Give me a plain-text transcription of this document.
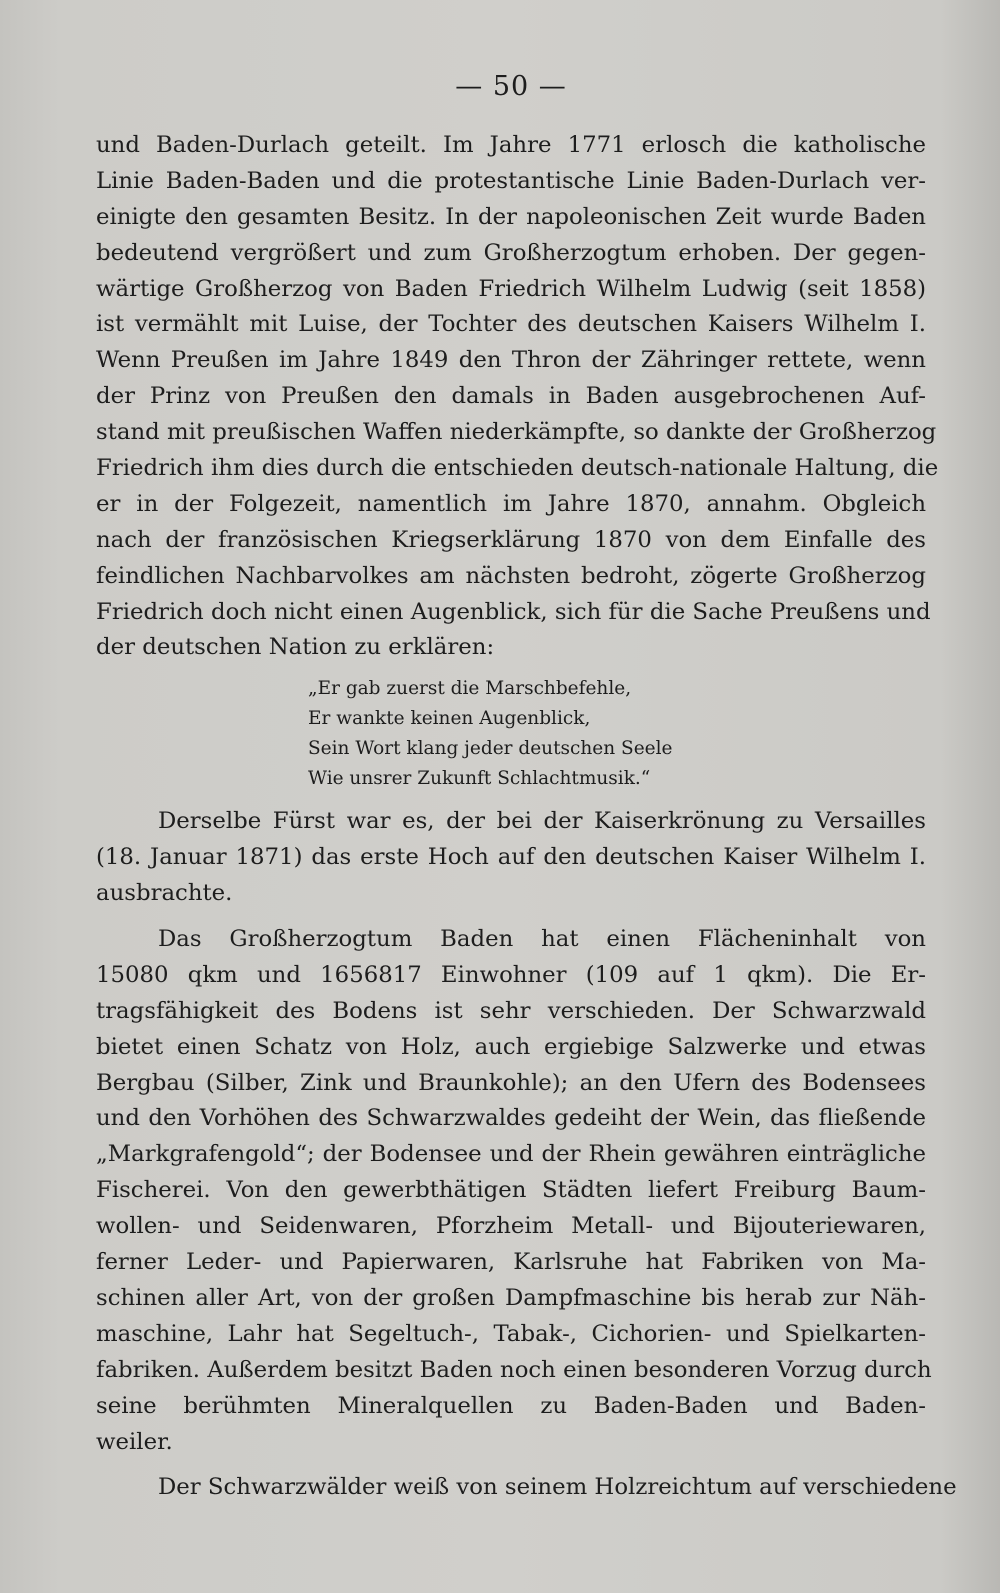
— 50 —
und Baden-Durlach geteilt. Im Jahre 1771 erlosch die katholische
Linie Baden-Baden und die protestantische Linie Baden-Durlach ver-
einigte den gesamten Besitz. In der napoleonischen Zeit wurde Baden
bedeutend vergrößert und zum Großherzogtum erhoben. Der gegen-
wärtige Großherzog von Baden Friedrich Wilhelm Ludwig (seit 1858)
ist vermählt mit Luise, der Tochter des deutschen Kaisers Wilhelm I.
Wenn Preußen im Jahre 1849 den Thron der Zähringer rettete, wenn
der Prinz von Preußen den damals in Baden ausgebrochenen Auf-
stand mit preußischen Waffen niederkämpfte, so dankte der Großherzog
Friedrich ihm dies durch die entschieden deutsch-nationale Haltung, die
er in der Folgezeit, namentlich im Jahre 1870, annahm. Obgleich
nach der französischen Kriegserklärung 1870 von dem Einfalle des
feindlichen Nachbarvolkes am nächsten bedroht, zögerte Großherzog
Friedrich doch nicht einen Augenblick, sich für die Sache Preußens und
der deutschen Nation zu erklären:
„Er gab zuerst die Marschbefehle,
Er wankte keinen Augenblick,
Sein Wort klang jeder deutschen Seele
Wie unsrer Zukunft Schlachtmusik.“
Derselbe Fürst war es, der bei der Kaiserkrönung zu Versailles
(18. Januar 1871) das erste Hoch auf den deutschen Kaiser Wilhelm I.
ausbrachte.
Das Großherzogtum Baden hat einen Flächeninhalt von
15080 qkm und 1656817 Einwohner (109 auf 1 qkm). Die Er-
tragsfähigkeit des Bodens ist sehr verschieden. Der Schwarzwald
bietet einen Schatz von Holz, auch ergiebige Salzwerke und etwas
Bergbau (Silber, Zink und Braunkohle); an den Ufern des Bodensees
und den Vorhöhen des Schwarzwaldes gedeiht der Wein, das fließende
„Markgrafengold“; der Bodensee und der Rhein gewähren einträgliche
Fischerei. Von den gewerbthätigen Städten liefert Freiburg Baum-
wollen- und Seidenwaren, Pforzheim Metall- und Bijouteriewaren,
ferner Leder- und Papierwaren, Karlsruhe hat Fabriken von Ma-
schinen aller Art, von der großen Dampfmaschine bis herab zur Näh-
maschine, Lahr hat Segeltuch-, Tabak-, Cichorien- und Spielkarten-
fabriken. Außerdem besitzt Baden noch einen besonderen Vorzug durch
seine berühmten Mineralquellen zu Baden-Baden und Baden-
weiler.
Der Schwarzwälder weiß von seinem Holzreichtum auf verschiedene
